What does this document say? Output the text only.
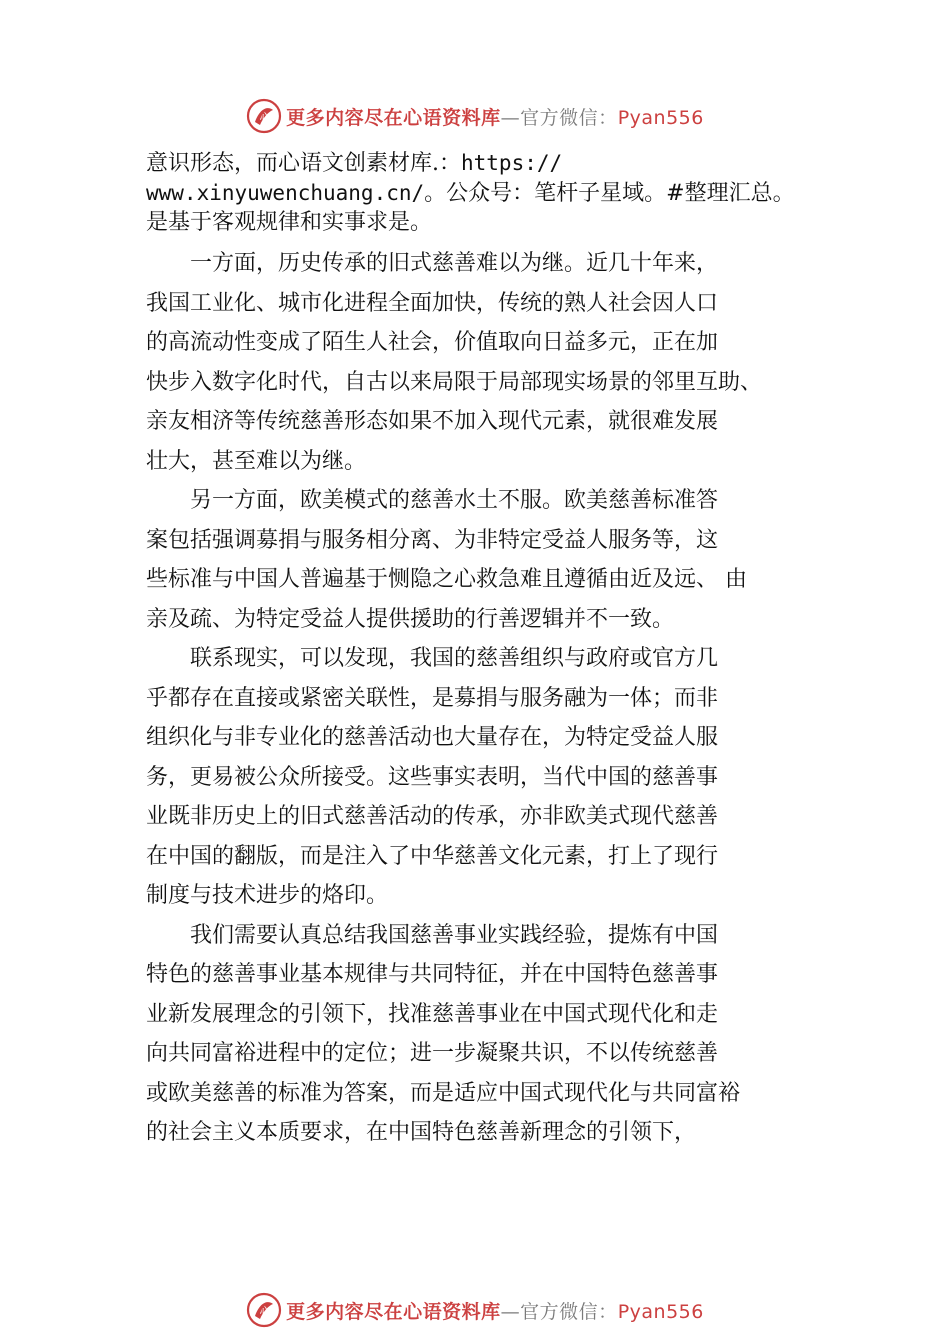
心 更多内容尽在心语资料库—官方微信：Pyan556
意识形态，而心语文创素材库.：https://
www.xinyuwenchuang.cn/。公众号：笔杆子星域。#整理汇总。
是基于客观规律和实事求是。
一方面，历史传承的旧式慈善难以为继。近几十年来，
我国工业化、城市化进程全面加快，传统的熟人社会因人口
的高流动性变成了陌生人社会，价值取向日益多元，正在加
快步入数字化时代，自古以来局限于局部现实场景的邻里互助、
亲友相济等传统慈善形态如果不加入现代元素，就很难发展
壮大，甚至难以为继。
另一方面，欧美模式的慈善水土不服。欧美慈善标准答
案包括强调募捐与服务相分离、为非特定受益人服务等，这
些标准与中国人普遍基于恻隐之心救急难且遵循由近及远、 由
亲及疏、为特定受益人提供援助的行善逻辑并不一致。
联系现实，可以发现，我国的慈善组织与政府或官方几
乎都存在直接或紧密关联性，是募捐与服务融为一体；而非
组织化与非专业化的慈善活动也大量存在，为特定受益人服
务，更易被公众所接受。这些事实表明，当代中国的慈善事
业既非历史上的旧式慈善活动的传承，亦非欧美式现代慈善
在中国的翻版，而是注入了中华慈善文化元素，打上了现行
制度与技术进步的烙印。
我们需要认真总结我国慈善事业实践经验，提炼有中国
特色的慈善事业基本规律与共同特征，并在中国特色慈善事
业新发展理念的引领下，找准慈善事业在中国式现代化和走
向共同富裕进程中的定位；进一步凝聚共识，不以传统慈善
或欧美慈善的标准为答案，而是适应中国式现代化与共同富裕
的社会主义本质要求，在中国特色慈善新理念的引领下，
心 更多内容尽在心语资料库—官方微信：Pyan556
